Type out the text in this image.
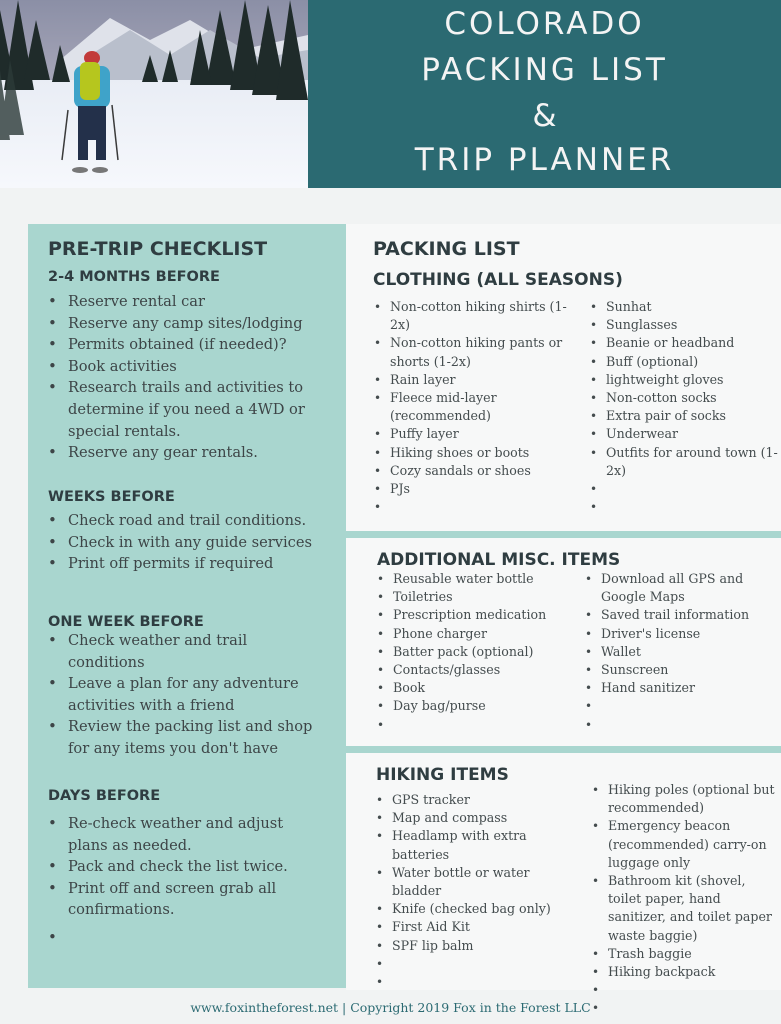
COLORADO
PACKING LIST
&
TRIP PLANNER
PRE-TRIP CHECKLIST
2-4 MONTHS BEFORE
• Reserve rental car
• Reserve any camp sites/lodging
• Permits obtained (if needed)?
• Book activities
• Research trails and activities to determine if you need a 4WD or special rentals.
• Reserve any gear rentals.
WEEKS BEFORE
• Check road and trail conditions.
• Check in with any guide services
• Print off permits if required
ONE WEEK BEFORE
• Check weather and trail conditions
• Leave a plan for any adventure activities with a friend
• Review the packing list and shop for any items you don't have
DAYS BEFORE
• Re-check weather and adjust plans as needed.
• Pack and check the list twice.
• Print off and screen grab all confirmations.
PACKING LIST
CLOTHING (ALL SEASONS)
• Non-cotton hiking shirts (1-2x)
• Non-cotton hiking pants or shorts (1-2x)
• Rain layer
• Fleece mid-layer (recommended)
• Puffy layer
• Hiking shoes or boots
• Cozy sandals or shoes
• PJs
•
• Sunhat
• Sunglasses
• Beanie or headband
• Buff (optional)
• lightweight gloves
• Non-cotton socks
• Extra pair of socks
• Underwear
• Outfits for around town (1-2x)
•
•
ADDITIONAL MISC. ITEMS
• Reusable water bottle
• Toiletries
• Prescription medication
• Phone charger
• Batter pack (optional)
• Contacts/glasses
• Book
• Day bag/purse
•
• Download all GPS and Google Maps
• Saved trail information
• Driver's license
• Wallet
• Sunscreen
• Hand sanitizer
•
•
HIKING ITEMS
• GPS tracker
• Map and compass
• Headlamp with extra batteries
• Water bottle or water bladder
• Knife (checked bag only)
• First Aid Kit
• SPF lip balm
•
•
• Hiking poles (optional but recommended)
• Emergency beacon (recommended) carry-on luggage only
• Bathroom kit (shovel, toilet paper, hand sanitizer, and toilet paper waste baggie)
• Trash baggie
• Hiking backpack
•
•
www.foxintheforest.net | Copyright 2019 Fox in the Forest LLC
